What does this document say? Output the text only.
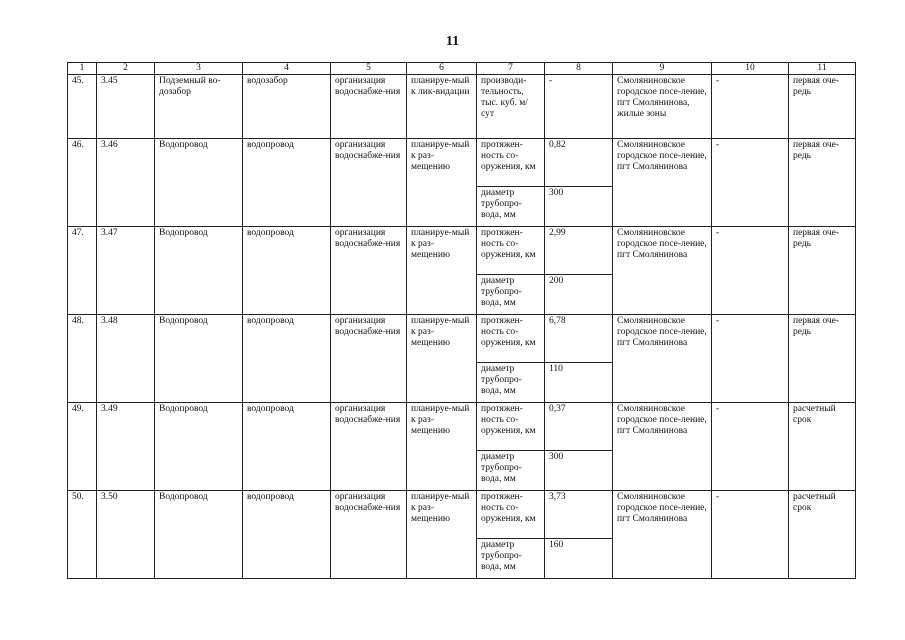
11
1	2	3	4	5	6	7	8	9	10	11
45.	3.45	Подземный во-дозабор	водозабор	организация водоснабже-ния	планируе-мый к лик-видации	производи-тельность, тыс. куб. м/сут	-	Смоляниновское городское посе-ление, пгт Смолянинова, жилые зоны	-	первая оче-редь
46.	3.46	Водопровод	водопровод	организация водоснабже-ния	планируе-мый к раз-мещению	протяжен-ность со-оружения, км	0,82	Смоляниновское городское посе-ление, пгт Смолянинова	-	первая оче-редь
						диаметр трубопро-вода, мм	300			
47.	3.47	Водопровод	водопровод	организация водоснабже-ния	планируе-мый к раз-мещению	протяжен-ность со-оружения, км	2,99	Смоляниновское городское посе-ление, пгт Смолянинова	-	первая оче-редь
						диаметр трубопро-вода, мм	200			
48.	3.48	Водопровод	водопровод	организация водоснабже-ния	планируе-мый к раз-мещению	протяжен-ность со-оружения, км	6,78	Смоляниновское городское посе-ление, пгт Смолянинова	-	первая оче-редь
						диаметр трубопро-вода, мм	110			
49.	3.49	Водопровод	водопровод	организация водоснабже-ния	планируе-мый к раз-мещению	протяжен-ность со-оружения, км	0,37	Смоляниновское городское посе-ление, пгт Смолянинова	-	расчетный срок
						диаметр трубопро-вода, мм	300			
50.	3.50	Водопровод	водопровод	организация водоснабже-ния	планируе-мый к раз-мещению	протяжен-ность со-оружения, км	3,73	Смоляниновское городское посе-ление, пгт Смолянинова	-	расчетный срок
						диаметр трубопро-вода, мм	160			
